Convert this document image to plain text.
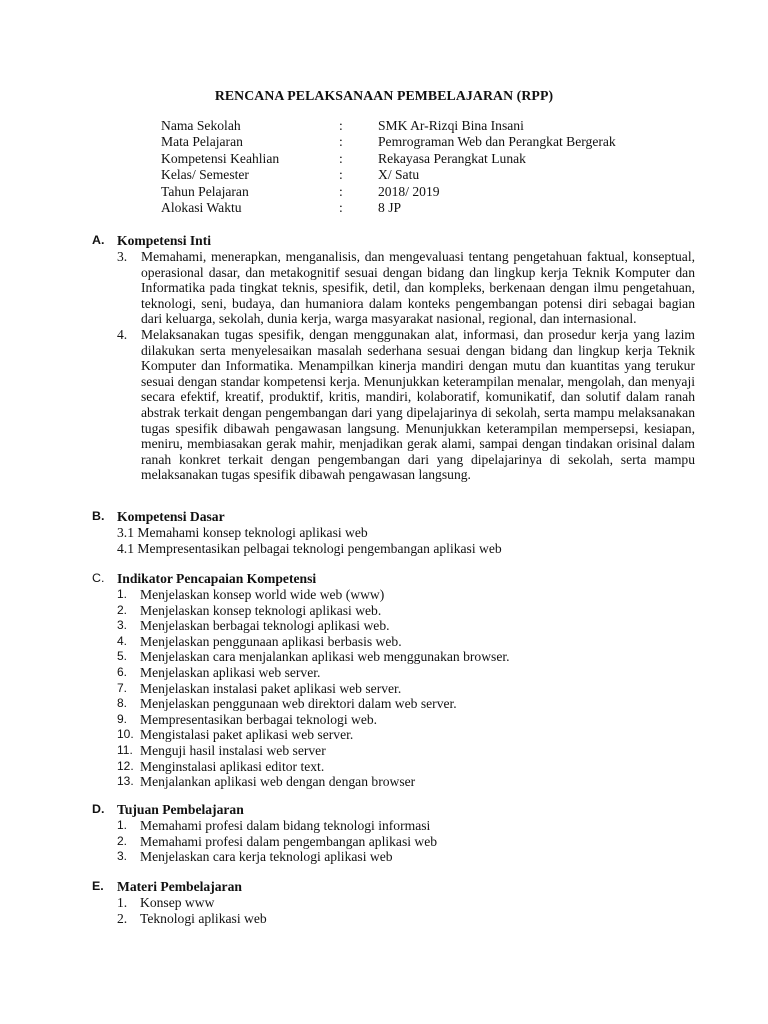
RENCANA PELAKSANAAN PEMBELAJARAN (RPP)
Nama Sekolah	:	SMK Ar-Rizqi Bina Insani
Mata Pelajaran	:	Pemrograman Web dan Perangkat Bergerak
Kompetensi Keahlian	:	Rekayasa Perangkat Lunak
Kelas/ Semester	:	X/ Satu
Tahun Pelajaran	:	2018/ 2019
Alokasi Waktu	:	8 JP
A. Kompetensi Inti
3.	Memahami, menerapkan, menganalisis, dan mengevaluasi tentang pengetahuan faktual, konseptual, operasional dasar, dan metakognitif sesuai dengan bidang dan lingkup kerja Teknik Komputer dan Informatika pada tingkat teknis, spesifik, detil, dan kompleks, berkenaan dengan ilmu pengetahuan, teknologi, seni, budaya, dan humaniora dalam konteks pengembangan potensi diri sebagai bagian dari keluarga, sekolah, dunia kerja, warga masyarakat nasional, regional, dan internasional.
4.	Melaksanakan tugas spesifik, dengan menggunakan alat, informasi, dan prosedur kerja yang lazim dilakukan serta menyelesaikan masalah sederhana sesuai dengan bidang dan lingkup kerja Teknik Komputer dan Informatika. Menampilkan kinerja mandiri dengan mutu dan kuantitas yang terukur sesuai dengan standar kompetensi kerja. Menunjukkan keterampilan menalar, mengolah, dan menyaji secara efektif, kreatif, produktif, kritis, mandiri, kolaboratif, komunikatif, dan solutif dalam ranah abstrak terkait dengan pengembangan dari yang dipelajarinya di sekolah, serta mampu melaksanakan tugas spesifik dibawah pengawasan langsung. Menunjukkan keterampilan mempersepsi, kesiapan, meniru, membiasakan gerak mahir, menjadikan gerak alami, sampai dengan tindakan orisinal dalam ranah konkret terkait dengan pengembangan dari yang dipelajarinya di sekolah, serta mampu melaksanakan tugas spesifik dibawah pengawasan langsung.
B. Kompetensi Dasar
3.1 Memahami konsep teknologi aplikasi web
4.1 Mempresentasikan pelbagai teknologi pengembangan aplikasi web
C. Indikator Pencapaian Kompetensi
1. Menjelaskan konsep world wide web (www)
2. Menjelaskan konsep teknologi aplikasi web.
3. Menjelaskan berbagai teknologi aplikasi web.
4. Menjelaskan penggunaan aplikasi berbasis web.
5. Menjelaskan cara menjalankan aplikasi web menggunakan browser.
6. Menjelaskan aplikasi web server.
7. Menjelaskan instalasi paket aplikasi web server.
8. Menjelaskan penggunaan web direktori dalam web server.
9. Mempresentasikan berbagai teknologi web.
10. Mengistalasi paket aplikasi web server.
11. Menguji hasil instalasi web server
12. Menginstalasi aplikasi editor text.
13. Menjalankan aplikasi web dengan dengan browser
D. Tujuan Pembelajaran
1. Memahami profesi dalam bidang teknologi informasi
2. Memahami profesi dalam pengembangan aplikasi web
3. Menjelaskan cara kerja teknologi aplikasi web
E. Materi Pembelajaran
1. Konsep www
2. Teknologi aplikasi web
